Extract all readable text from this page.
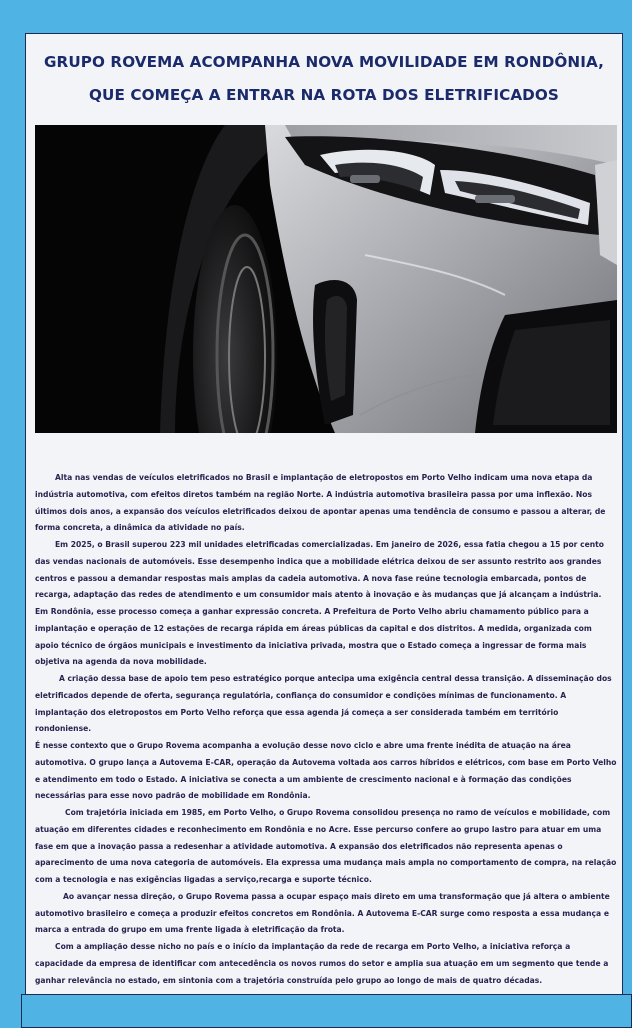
GRUPO ROVEMA ACOMPANHA NOVA MOVILIDADE EM RONDÔNIA,
QUE COMEÇA A ENTRAR NA ROTA DOS ELETRIFICADOS

Alta nas vendas de veículos eletrificados no Brasil e implantação de eletropostos em Porto Velho indicam uma nova etapa da indústria automotiva, com efeitos diretos também na região Norte. A indústria automotiva brasileira passa por uma inflexão. Nos últimos dois anos, a expansão dos veículos eletrificados deixou de apontar apenas uma tendência de consumo e passou a alterar, de forma concreta, a dinâmica da atividade no país.

Em 2025, o Brasil superou 223 mil unidades eletrificadas comercializadas. Em janeiro de 2026, essa fatia chegou a 15 por cento das vendas nacionais de automóveis. Esse desempenho indica que a mobilidade elétrica deixou de ser assunto restrito aos grandes centros e passou a demandar respostas mais amplas da cadeia automotiva. A nova fase reúne tecnologia embarcada, pontos de recarga, adaptação das redes de atendimento e um consumidor mais atento à inovação e às mudanças que já alcançam a indústria.

Em Rondônia, esse processo começa a ganhar expressão concreta. A Prefeitura de Porto Velho abriu chamamento público para a implantação e operação de 12 estações de recarga rápida em áreas públicas da capital e dos distritos. A medida, organizada com apoio técnico de órgãos municipais e investimento da iniciativa privada, mostra que o Estado começa a ingressar de forma mais objetiva na agenda da nova mobilidade.

A criação dessa base de apoio tem peso estratégico porque antecipa uma exigência central dessa transição. A disseminação dos eletrificados depende de oferta, segurança regulatória, confiança do consumidor e condições mínimas de funcionamento. A implantação dos eletropostos em Porto Velho reforça que essa agenda já começa a ser considerada também em território rondoniense.

É nesse contexto que o Grupo Rovema acompanha a evolução desse novo ciclo e abre uma frente inédita de atuação na área automotiva. O grupo lança a Autovema E-CAR, operação da Autovema voltada aos carros híbridos e elétricos, com base em Porto Velho e atendimento em todo o Estado. A iniciativa se conecta a um ambiente de crescimento nacional e à formação das condições necessárias para esse novo padrão de mobilidade em Rondônia.

Com trajetória iniciada em 1985, em Porto Velho, o Grupo Rovema consolidou presença no ramo de veículos e mobilidade, com atuação em diferentes cidades e reconhecimento em Rondônia e no Acre. Esse percurso confere ao grupo lastro para atuar em uma fase em que a inovação passa a redesenhar a atividade automotiva. A expansão dos eletrificados não representa apenas o aparecimento de uma nova categoria de automóveis. Ela expressa uma mudança mais ampla no comportamento de compra, na relação com a tecnologia e nas exigências ligadas a serviço,recarga e suporte técnico.

Ao avançar nessa direção, o Grupo Rovema passa a ocupar espaço mais direto em uma transformação que já altera o ambiente automotivo brasileiro e começa a produzir efeitos concretos em Rondônia. A Autovema E-CAR surge como resposta a essa mudança e marca a entrada do grupo em uma frente ligada à eletrificação da frota.

Com a ampliação desse nicho no país e o início da implantação da rede de recarga em Porto Velho, a iniciativa reforça a capacidade da empresa de identificar com antecedência os novos rumos do setor e amplia sua atuação em um segmento que tende a ganhar relevância no estado, em sintonia com a trajetória construída pelo grupo ao longo de mais de quatro décadas.
